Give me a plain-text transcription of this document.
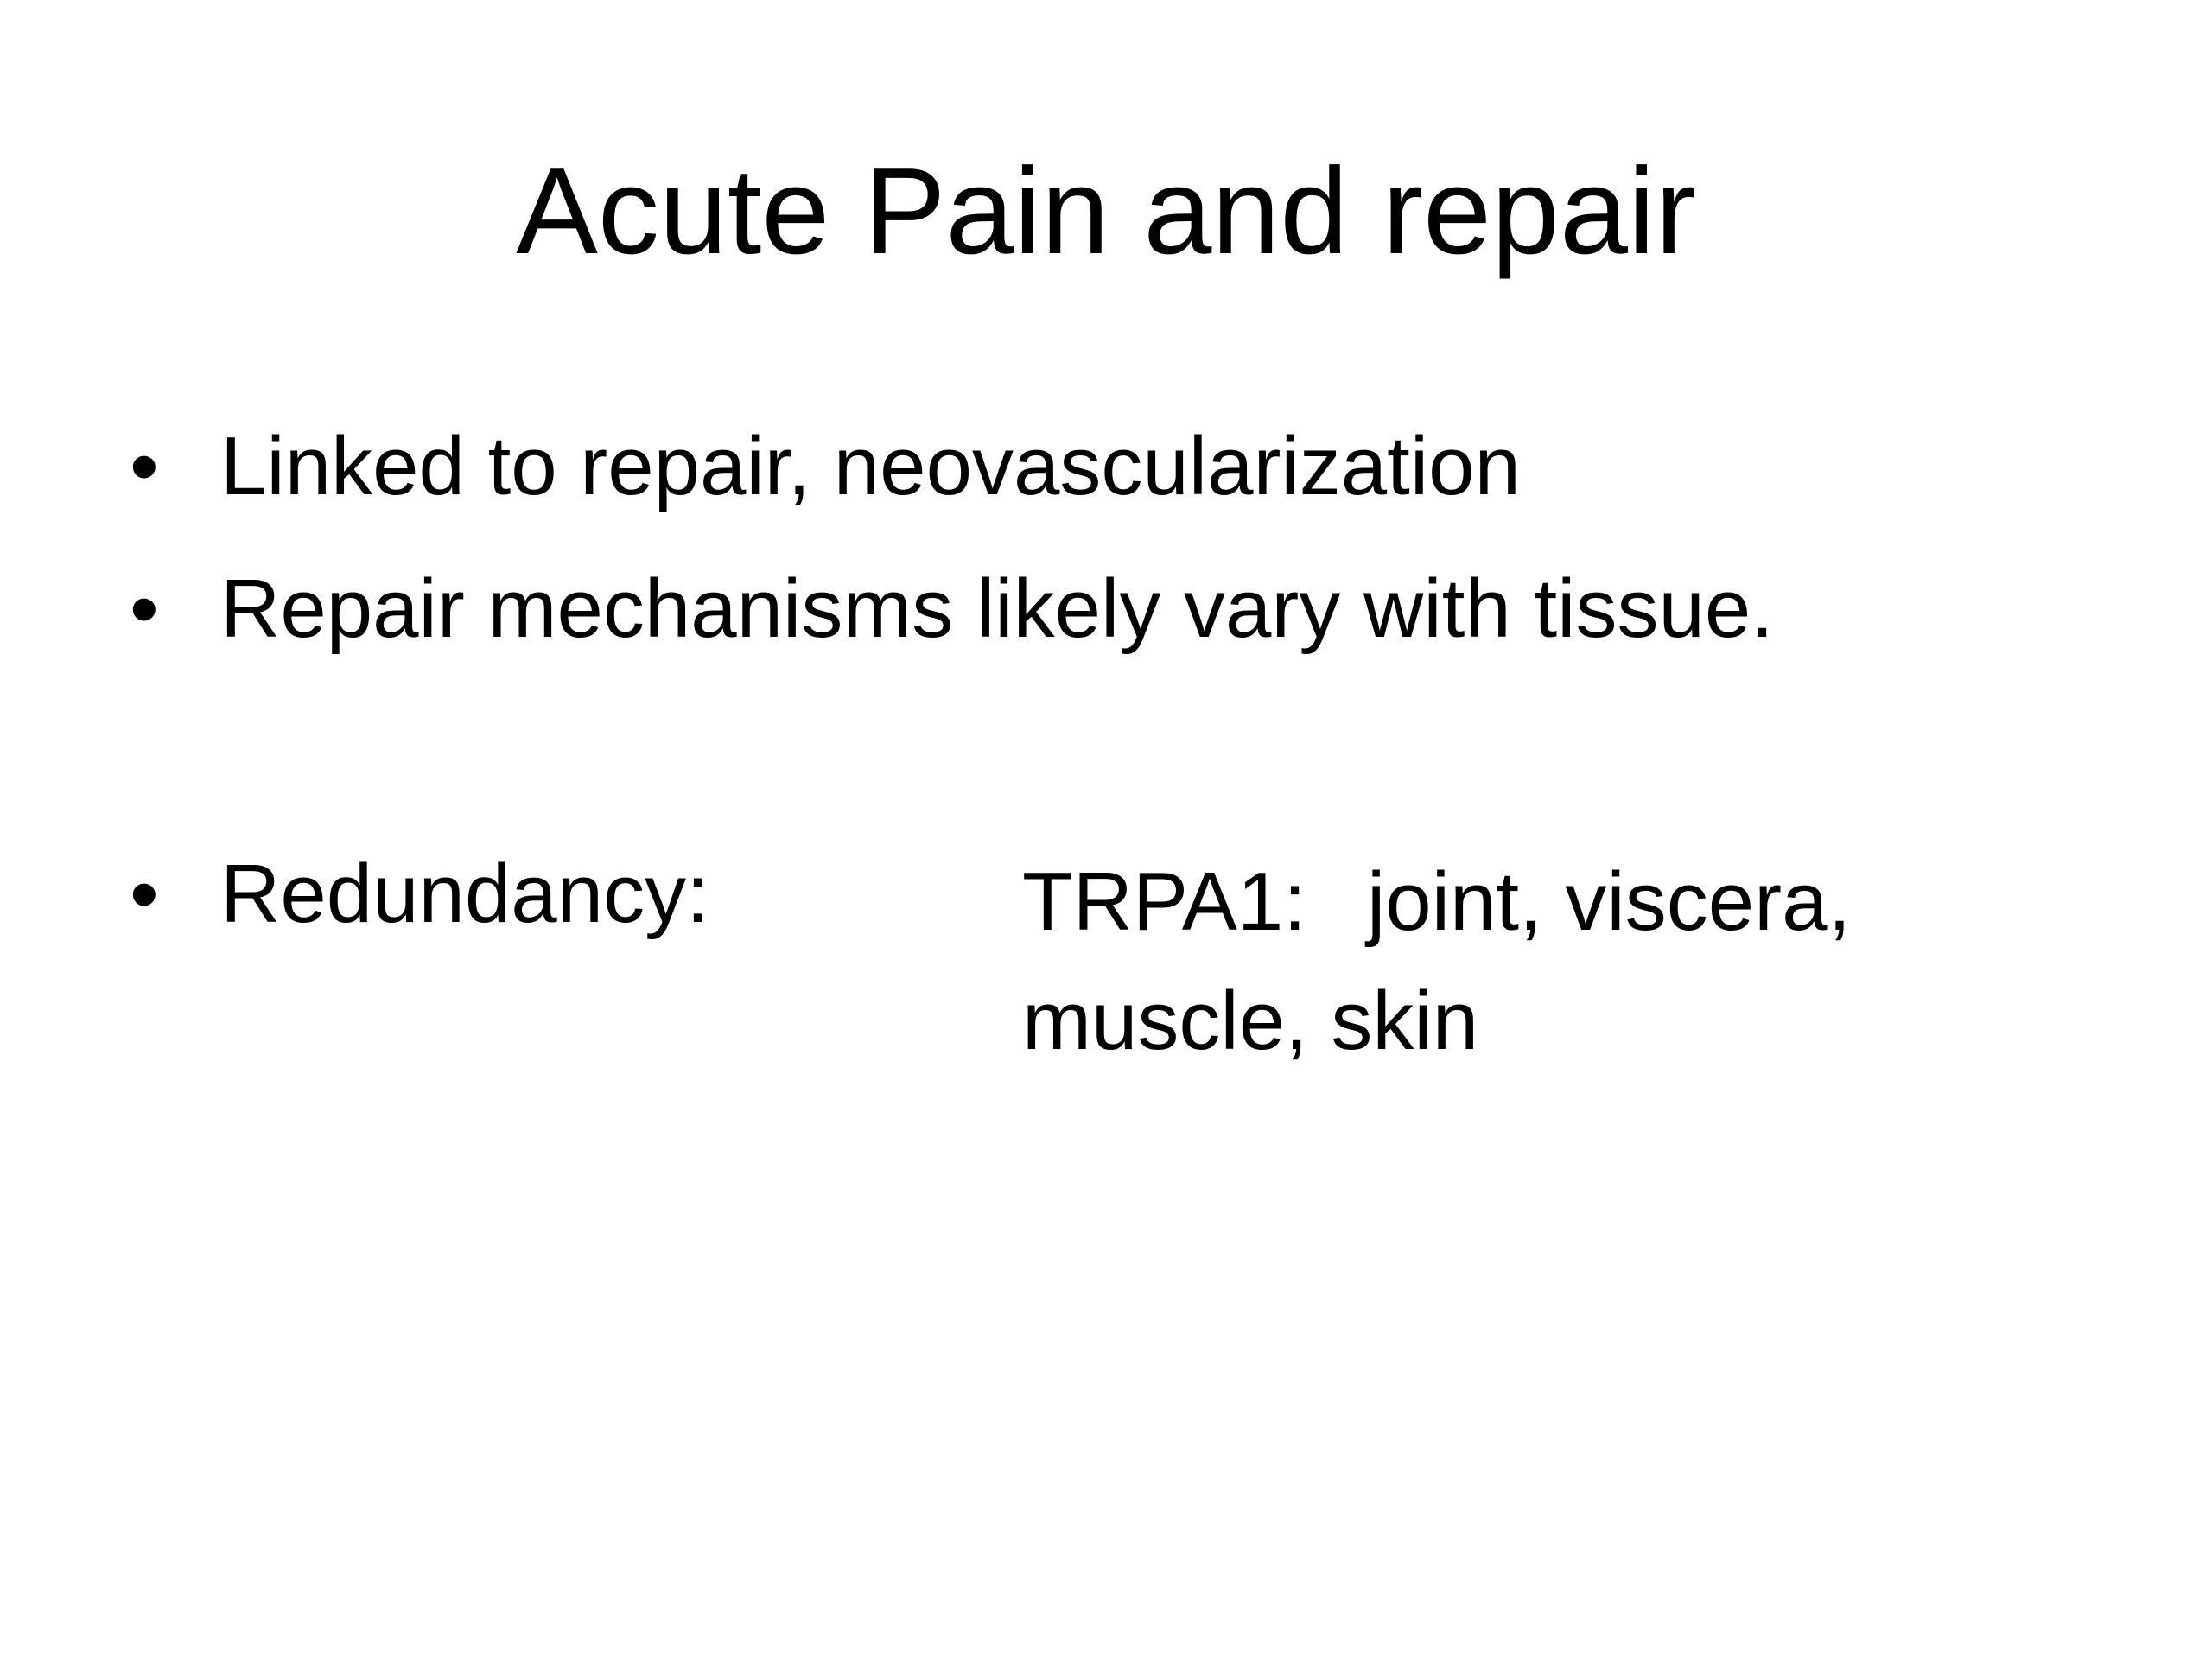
Acute Pain and repair
• Linked to repair, neovascularization
• Repair mechanisms likely vary with tissue.
• Redundancy:	TRPA1: joint, viscera, muscle, skin
